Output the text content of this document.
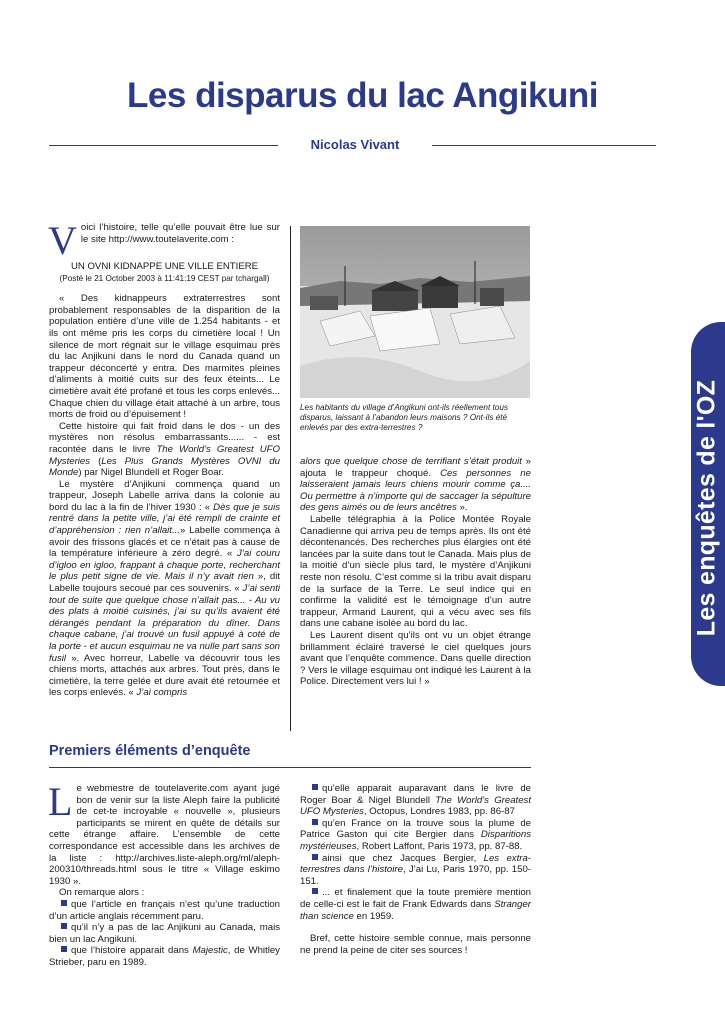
Les disparus du lac Angikuni
Nicolas Vivant
Les enquêtes de l'OZ

Voici l’histoire, telle qu’elle pouvait être lue sur le site http://www.toutelaverite.com :

UN OVNI KIDNAPPE UNE VILLE ENTIERE

(Posté le 21 October 2003 à 11:41:19 CEST par tchargall)

« Des kidnappeurs extraterrestres sont probablement responsables de la disparition de la population entière d’une ville de 1.254 habitants - et ils ont même pris les corps du cimetière local ! Un silence de mort régnait sur le village esquimau près du lac Anjikuni dans le nord du Canada quand un trappeur déconcerté y entra. Des marmites pleines d’aliments à moitié cuits sur des feux éteints... Le cimetière avait été profané et tous les corps enlevés... Chaque chien du village était attaché à un arbre, tous morts de froid ou d’épuisement !

Cette histoire qui fait froid dans le dos - un des mystères non résolus embarrassants...... - est racontée dans le livre The World’s Greatest UFO Mysteries (Les Plus Grands Mystères OVNI du Monde) par Nigel Blundell et Roger Boar.

Le mystère d’Anjikuni commença quand un trappeur, Joseph Labelle arriva dans la colonie au bord du lac à la fin de l’hiver 1930 : « Dès que je suis rentré dans la petite ville, j’ai été rempli de crainte et d’appréhension : rien n’allait...» Labelle commença à avoir des frissons glacés et ce n’était pas à cause de la température inférieure à zéro degré. « J’ai couru d’igloo en igloo, frappant à chaque porte, recherchant le plus petit signe de vie. Mais il n’y avait rien », dit Labelle toujours secoué par ces souvenirs. « J’ai senti tout de suite que quelque chose n’allait pas... - Au vu des plats à moitié cuisinés, j’ai su qu’ils avaient été dérangés pendant la préparation du dîner. Dans chaque cabane, j’ai trouvé un fusil appuyé à coté de la porte - et aucun esquimau ne va nulle part sans son fusil ». Avec horreur, Labelle va découvrir tous les chiens morts, attachés aux arbres. Tout près, dans le cimetière, la terre gelée et dure avait été retournée et les corps enlevés. « J’ai compris

Les habitants du village d’Angikuni ont-ils réellement tous disparus, laissant à l’abandon leurs maisons ? Ont-ils été enlevés par des extra-terrestres ?

alors que quelque chose de terrifiant s’était produit » ajouta le trappeur choqué. Ces personnes ne laisseraient jamais leurs chiens mourir comme ça.... Ou permettre à n’importe qui de saccager la sépulture des gens aimés ou de leurs ancêtres ».

Labelle télégraphia à la Police Montée Royale Canadienne qui arriva peu de temps après. Ils ont été décontenancés. Des recherches plus élargies ont été lancées par la suite dans tout le Canada. Mais plus de la moitié d’un siècle plus tard, le mystère d’Anjikuni reste non résolu. C’est comme si la tribu avait disparu de la surface de la Terre. Le seul indice qui en confirme la validité est le témoignage d’un autre trappeur, Armand Laurent, qui a vécu avec ses fils dans une cabane isolée au bord du lac.

Les Laurent disent qu’ils ont vu un objet étrange brillamment éclairé traversé le ciel quelques jours avant que l’enquête commence. Dans quelle direction ? Vers le village esquimau ont indiqué les Laurent à la Police. Directement vers lui ! »

Premiers éléments d’enquête

Le webmestre de toutelaverite.com ayant jugé bon de venir sur la liste Aleph faire la publicité de cet-te incroyable « nouvelle », plusieurs participants se mirent en quête de détails sur cette étrange affaire. L’ensemble de cette correspondance est accessible dans les archives de la liste : http://archives.liste-aleph.org/ml/aleph-200310/threads.html sous le titre « Village eskimo 1930 ».

On remarque alors :

que l’article en français n’est qu’une traduction d’un article anglais récemment paru.

qu’il n’y a pas de lac Anjikuni au Canada, mais bien un lac Angikuni.

que l’histoire apparait dans Majestic, de Whitley Strieber, paru en 1989.

qu’elle apparait auparavant dans le livre de Roger Boar & Nigel Blundell The World’s Greatest UFO Mysteries, Octopus, Londres 1983, pp. 86-87

qu’en France on la trouve sous la plume de Patrice Gaston qui cite Bergier dans Disparitions mystérieuses, Robert Laffont, Paris 1973, pp. 87-88.

ainsi que chez Jacques Bergier, Les extra-terrestres dans l’histoire, J’ai Lu, Paris 1970, pp. 150-151.

... et finalement que la toute première mention de celle-ci est le fait de Frank Edwards dans Stranger than science en 1959.

Bref, cette histoire semble connue, mais personne ne prend la peine de citer ses sources !
